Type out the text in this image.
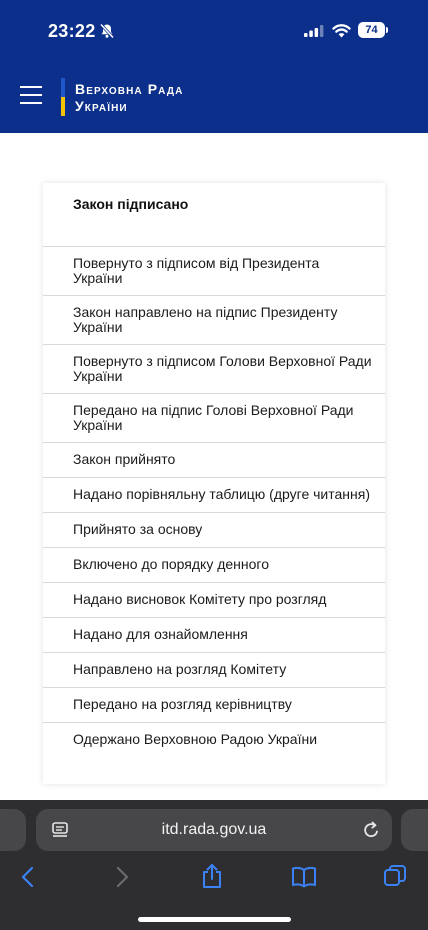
23:22	74
Верховна Рада
України
Закон підписано
Повернуто з підписом від Президента
України
Закон направлено на підпис Президенту
України
Повернуто з підписом Голови Верховної Ради
України
Передано на підпис Голові Верховної Ради
України
Закон прийнято
Надано порівняльну таблицю (друге читання)
Прийнято за основу
Включено до порядку денного
Надано висновок Комітету про розгляд
Надано для ознайомлення
Направлено на розгляд Комітету
Передано на розгляд керівництву
Одержано Верховною Радою України
itd.rada.gov.ua
